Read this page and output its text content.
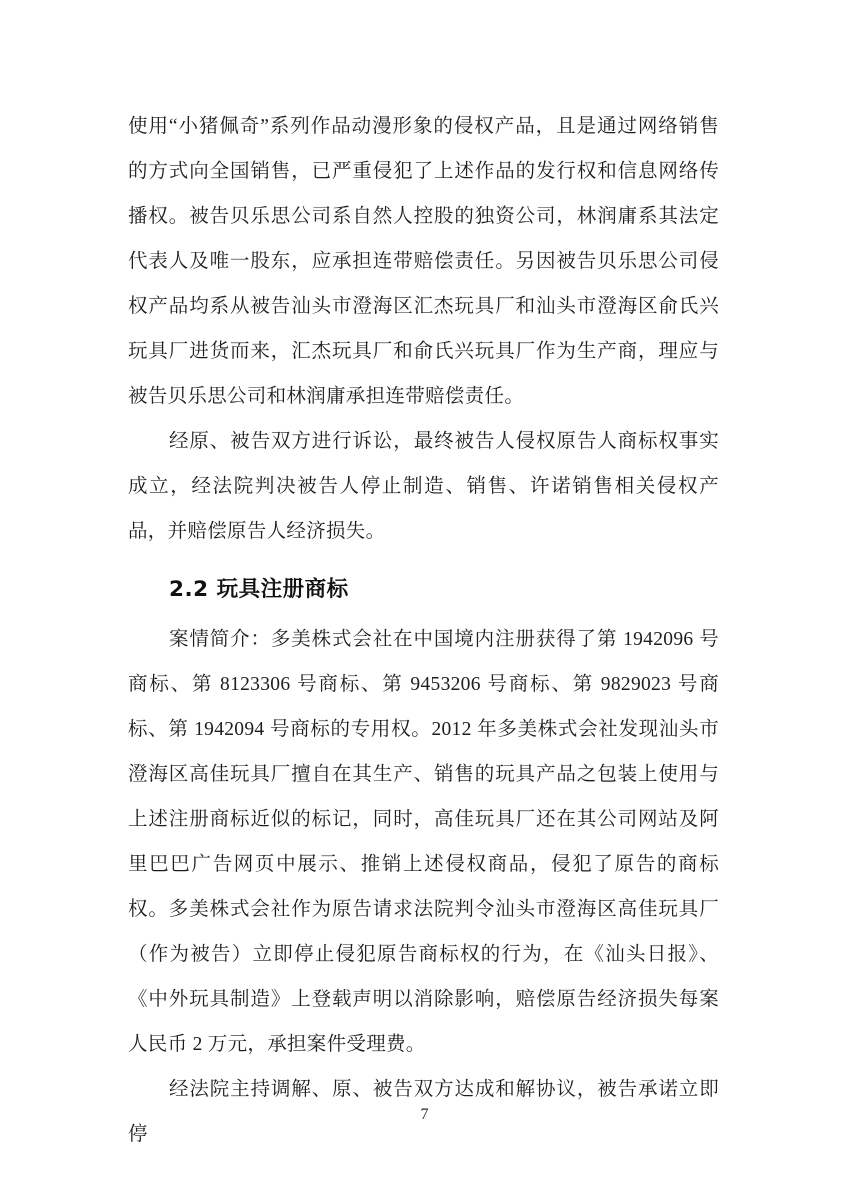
使用“小猪佩奇”系列作品动漫形象的侵权产品，且是通过网络销售的方式向全国销售，已严重侵犯了上述作品的发行权和信息网络传播权。被告贝乐思公司系自然人控股的独资公司，林润庸系其法定代表人及唯一股东，应承担连带赔偿责任。另因被告贝乐思公司侵权产品均系从被告汕头市澄海区汇杰玩具厂和汕头市澄海区俞氏兴玩具厂进货而来，汇杰玩具厂和俞氏兴玩具厂作为生产商，理应与被告贝乐思公司和林润庸承担连带赔偿责任。

经原、被告双方进行诉讼，最终被告人侵权原告人商标权事实成立，经法院判决被告人停止制造、销售、许诺销售相关侵权产品，并赔偿原告人经济损失。

2.2 玩具注册商标

案情简介：多美株式会社在中国境内注册获得了第 1942096 号商标、第 8123306 号商标、第 9453206 号商标、第 9829023 号商标、第 1942094 号商标的专用权。2012 年多美株式会社发现汕头市澄海区高佳玩具厂擅自在其生产、销售的玩具产品之包装上使用与上述注册商标近似的标记，同时，高佳玩具厂还在其公司网站及阿里巴巴广告网页中展示、推销上述侵权商品，侵犯了原告的商标权。多美株式会社作为原告请求法院判令汕头市澄海区高佳玩具厂（作为被告）立即停止侵犯原告商标权的行为，在《汕头日报》、《中外玩具制造》上登载声明以消除影响，赔偿原告经济损失每案人民币 2 万元，承担案件受理费。

经法院主持调解、原、被告双方达成和解协议，被告承诺立即停

7
